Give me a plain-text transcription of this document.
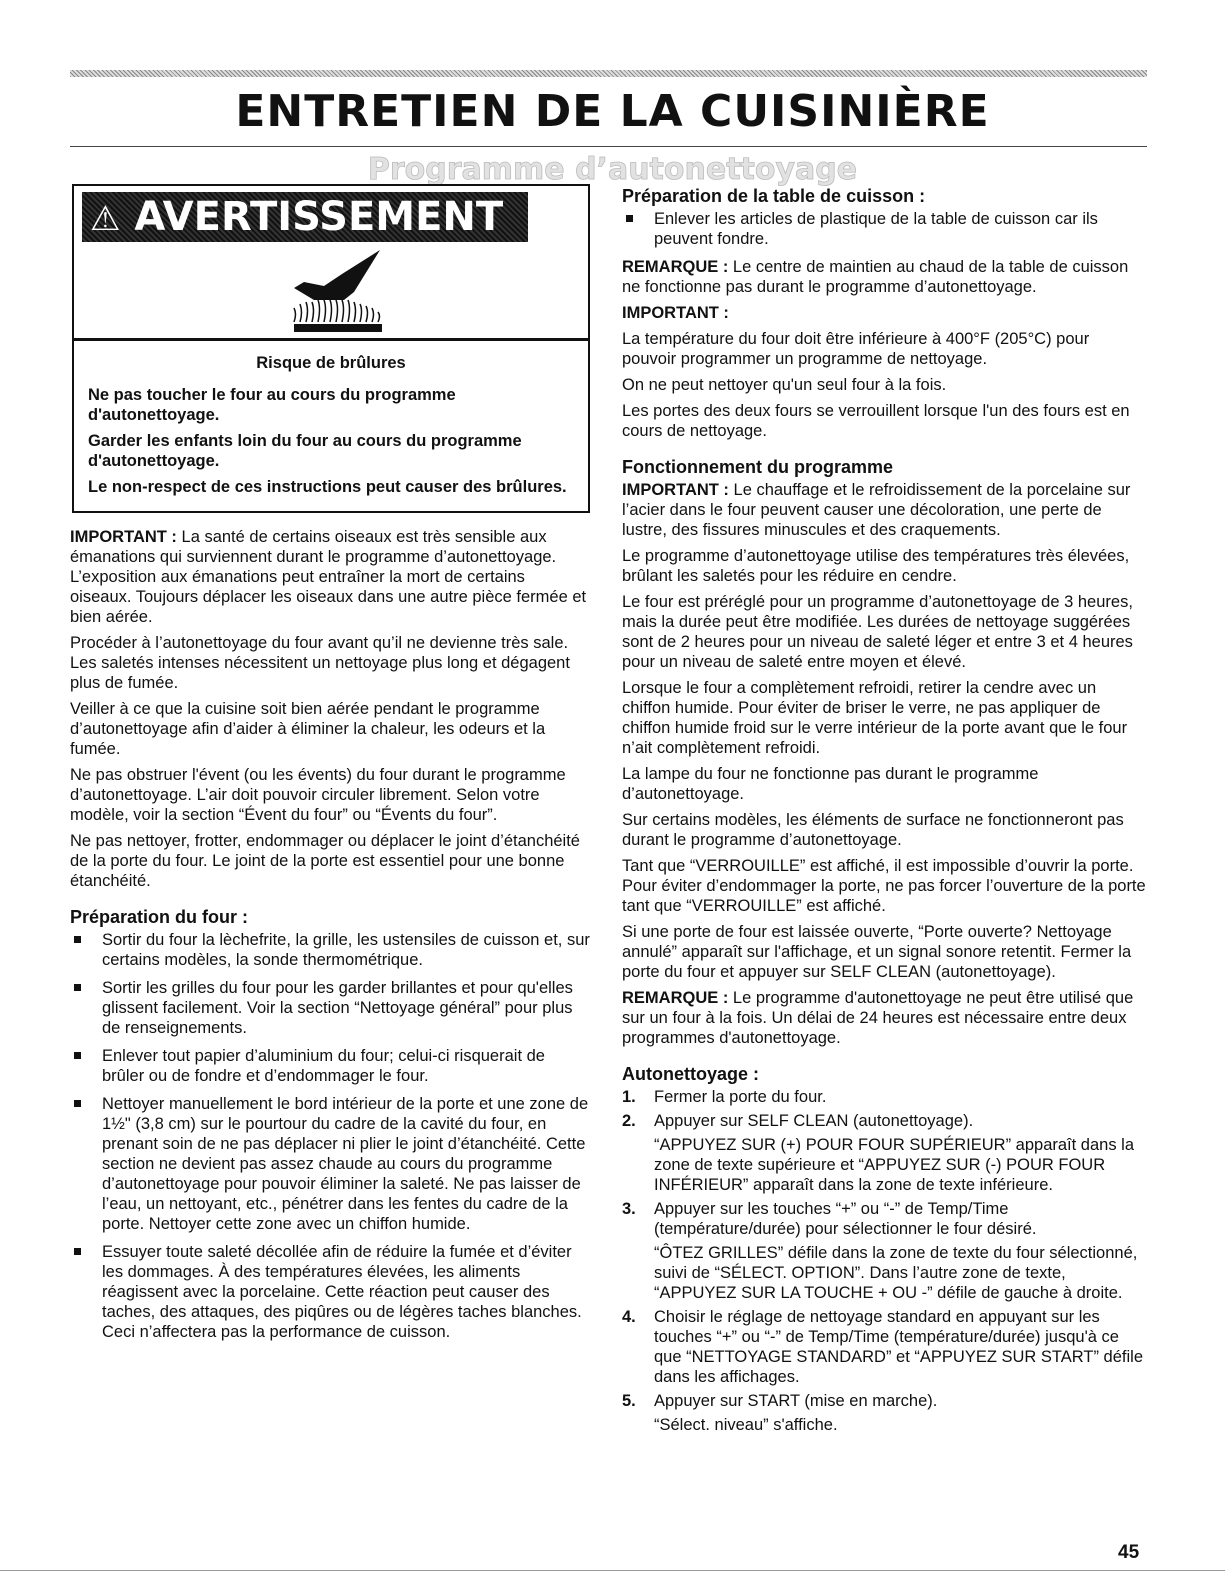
ENTRETIEN DE LA CUISINIÈRE
Programme d’autonettoyage
⚠ AVERTISSEMENT

Risque de brûlures

Ne pas toucher le four au cours du programme d'autonettoyage.

Garder les enfants loin du four au cours du programme d'autonettoyage.

Le non-respect de ces instructions peut causer des brûlures.

IMPORTANT : La santé de certains oiseaux est très sensible aux émanations qui surviennent durant le programme d’autonettoyage. L’exposition aux émanations peut entraîner la mort de certains oiseaux. Toujours déplacer les oiseaux dans une autre pièce fermée et bien aérée.

Procéder à l’autonettoyage du four avant qu’il ne devienne très sale. Les saletés intenses nécessitent un nettoyage plus long et dégagent plus de fumée.

Veiller à ce que la cuisine soit bien aérée pendant le programme d’autonettoyage afin d’aider à éliminer la chaleur, les odeurs et la fumée.

Ne pas obstruer l'évent (ou les évents) du four durant le programme d’autonettoyage. L’air doit pouvoir circuler librement. Selon votre modèle, voir la section “Évent du four” ou “Évents du four”.

Ne pas nettoyer, frotter, endommager ou déplacer le joint d’étanchéité de la porte du four. Le joint de la porte est essentiel pour une bonne étanchéité.

Préparation du four :
Sortir du four la lèchefrite, la grille, les ustensiles de cuisson et, sur certains modèles, la sonde thermométrique.
Sortir les grilles du four pour les garder brillantes et pour qu'elles glissent facilement. Voir la section “Nettoyage général” pour plus de renseignements.
Enlever tout papier d’aluminium du four; celui-ci risquerait de brûler ou de fondre et d’endommager le four.
Nettoyer manuellement le bord intérieur de la porte et une zone de 1½" (3,8 cm) sur le pourtour du cadre de la cavité du four, en prenant soin de ne pas déplacer ni plier le joint d’étanchéité. Cette section ne devient pas assez chaude au cours du programme d’autonettoyage pour pouvoir éliminer la saleté. Ne pas laisser de l’eau, un nettoyant, etc., pénétrer dans les fentes du cadre de la porte. Nettoyer cette zone avec un chiffon humide.
Essuyer toute saleté décollée afin de réduire la fumée et d’éviter les dommages. À des températures élevées, les aliments réagissent avec la porcelaine. Cette réaction peut causer des taches, des attaques, des piqûres ou de légères taches blanches. Ceci n’affectera pas la performance de cuisson.
Préparation de la table de cuisson :
Enlever les articles de plastique de la table de cuisson car ils peuvent fondre.

REMARQUE : Le centre de maintien au chaud de la table de cuisson ne fonctionne pas durant le programme d’autonettoyage.

IMPORTANT :

La température du four doit être inférieure à 400°F (205°C) pour pouvoir programmer un programme de nettoyage.

On ne peut nettoyer qu'un seul four à la fois.

Les portes des deux fours se verrouillent lorsque l'un des fours est en cours de nettoyage.

Fonctionnement du programme

IMPORTANT : Le chauffage et le refroidissement de la porcelaine sur l’acier dans le four peuvent causer une décoloration, une perte de lustre, des fissures minuscules et des craquements.

Le programme d’autonettoyage utilise des températures très élevées, brûlant les saletés pour les réduire en cendre.

Le four est préréglé pour un programme d’autonettoyage de 3 heures, mais la durée peut être modifiée. Les durées de nettoyage suggérées sont de 2 heures pour un niveau de saleté léger et entre 3 et 4 heures pour un niveau de saleté entre moyen et élevé.

Lorsque le four a complètement refroidi, retirer la cendre avec un chiffon humide. Pour éviter de briser le verre, ne pas appliquer de chiffon humide froid sur le verre intérieur de la porte avant que le four n’ait complètement refroidi.

La lampe du four ne fonctionne pas durant le programme d’autonettoyage.

Sur certains modèles, les éléments de surface ne fonctionneront pas durant le programme d’autonettoyage.

Tant que “VERROUILLE” est affiché, il est impossible d’ouvrir la porte. Pour éviter d’endommager la porte, ne pas forcer l’ouverture de la porte tant que “VERROUILLE” est affiché.

Si une porte de four est laissée ouverte, “Porte ouverte? Nettoyage annulé” apparaît sur l'affichage, et un signal sonore retentit. Fermer la porte du four et appuyer sur SELF CLEAN (autonettoyage).

REMARQUE : Le programme d'autonettoyage ne peut être utilisé que sur un four à la fois. Un délai de 24 heures est nécessaire entre deux programmes d'autonettoyage.

Autonettoyage :
1. Fermer la porte du four.
2. Appuyer sur SELF CLEAN (autonettoyage).
“APPUYEZ SUR (+) POUR FOUR SUPÉRIEUR” apparaît dans la zone de texte supérieure et “APPUYEZ SUR (-) POUR FOUR INFÉRIEUR” apparaît dans la zone de texte inférieure.
3. Appuyer sur les touches “+” ou “-” de Temp/Time (température/durée) pour sélectionner le four désiré.
“ÔTEZ GRILLES” défile dans la zone de texte du four sélectionné, suivi de “SÉLECT. OPTION”. Dans l’autre zone de texte, “APPUYEZ SUR LA TOUCHE + OU -” défile de gauche à droite.
4. Choisir le réglage de nettoyage standard en appuyant sur les touches “+” ou “-” de Temp/Time (température/durée) jusqu'à ce que “NETTOYAGE STANDARD” et “APPUYEZ SUR START” défile dans les affichages.
5. Appuyer sur START (mise en marche).
“Sélect. niveau” s'affiche.
45
